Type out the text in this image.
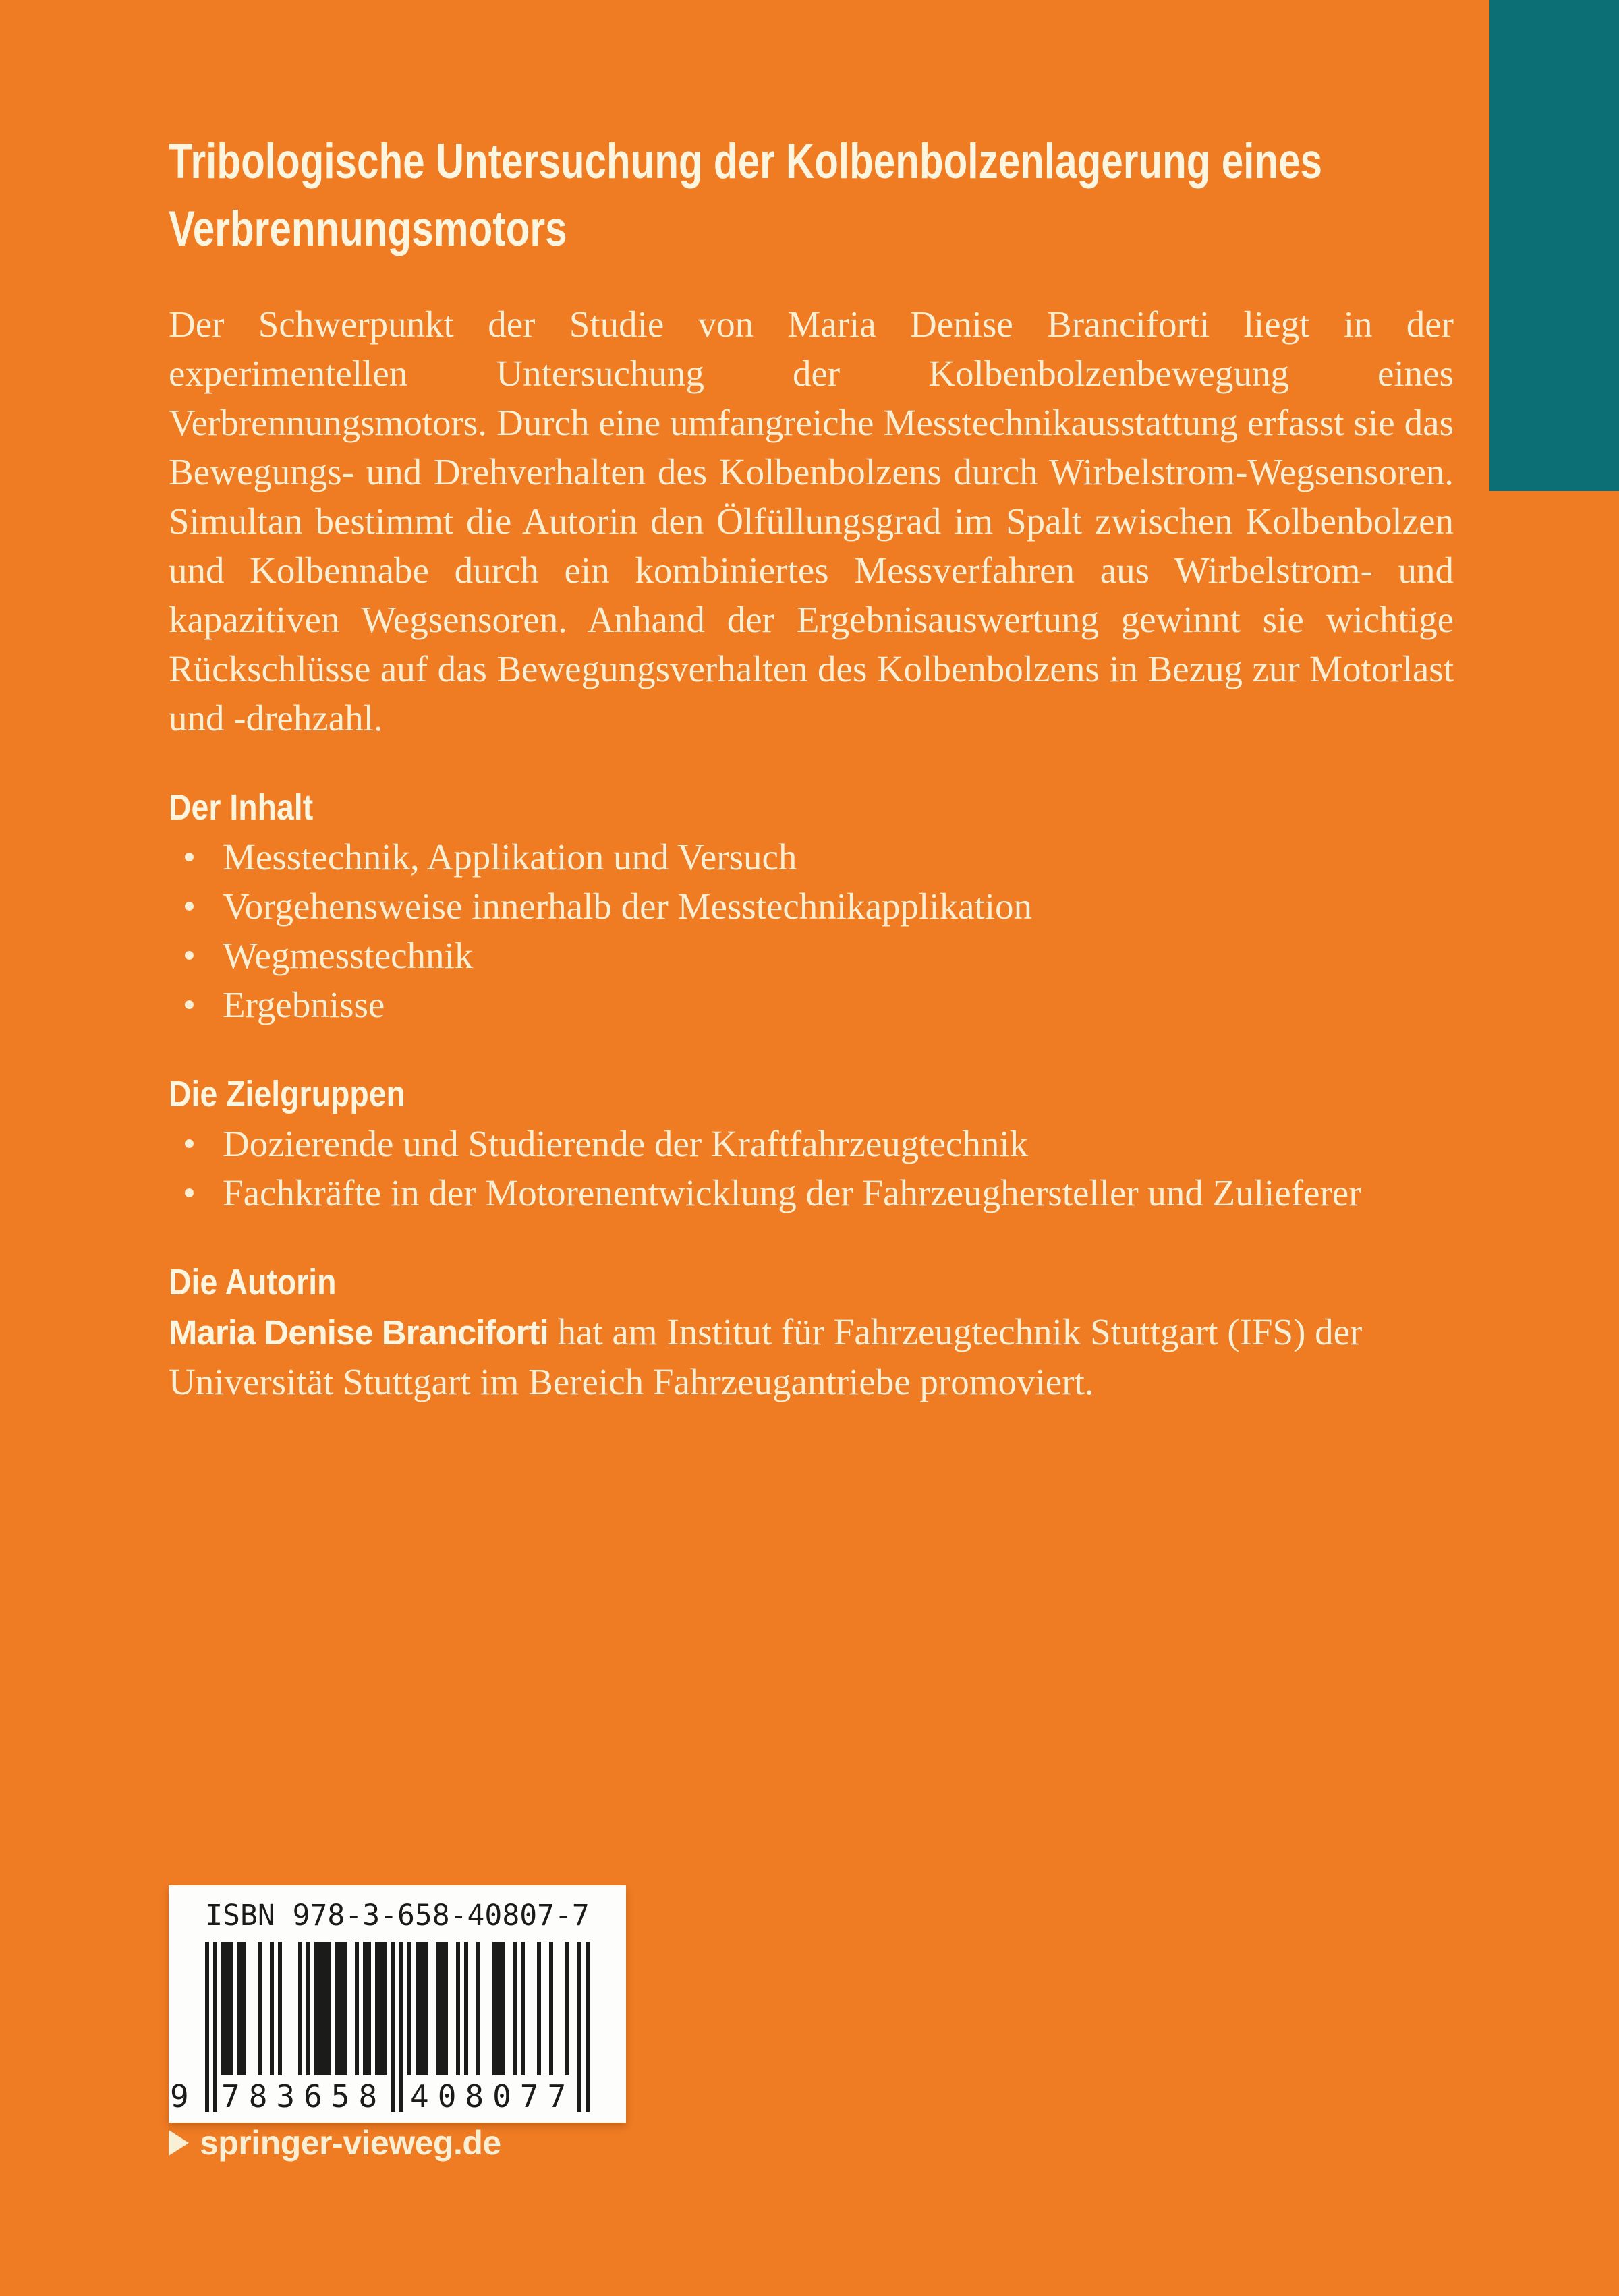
Tribologische Untersuchung der Kolbenbolzenlagerung eines Verbrennungsmotors

Der Schwerpunkt der Studie von Maria Denise Branciforti liegt in der experimentellen Untersuchung der Kolbenbolzenbewegung eines Verbrennungsmotors. Durch eine umfangreiche Messtechnikausstattung erfasst sie das Bewegungs- und Drehverhalten des Kolbenbolzens durch Wirbelstrom-Wegsensoren. Simultan bestimmt die Autorin den Ölfüllungsgrad im Spalt zwischen Kolbenbolzen und Kolbennabe durch ein kombiniertes Messverfahren aus Wirbelstrom- und kapazitiven Wegsensoren. Anhand der Ergebnisauswertung gewinnt sie wichtige Rückschlüsse auf das Bewegungsverhalten des Kolbenbolzens in Bezug zur Motorlast und -drehzahl.

Der Inhalt
Messtechnik, Applikation und Versuch
Vorgehensweise innerhalb der Messtechnikapplikation
Wegmesstechnik
Ergebnisse
Die Zielgruppen
Dozierende und Studierende der Kraftfahrzeugtechnik
Fachkräfte in der Motorenentwicklung der Fahrzeughersteller und Zulieferer
Die Autorin

Maria Denise Branciforti hat am Institut für Fahrzeugtechnik Stuttgart (IFS) der Universität Stuttgart im Bereich Fahrzeugantriebe promoviert.

ISBN 978-3-658-40807-7
9 783658 408077
springer-vieweg.de
